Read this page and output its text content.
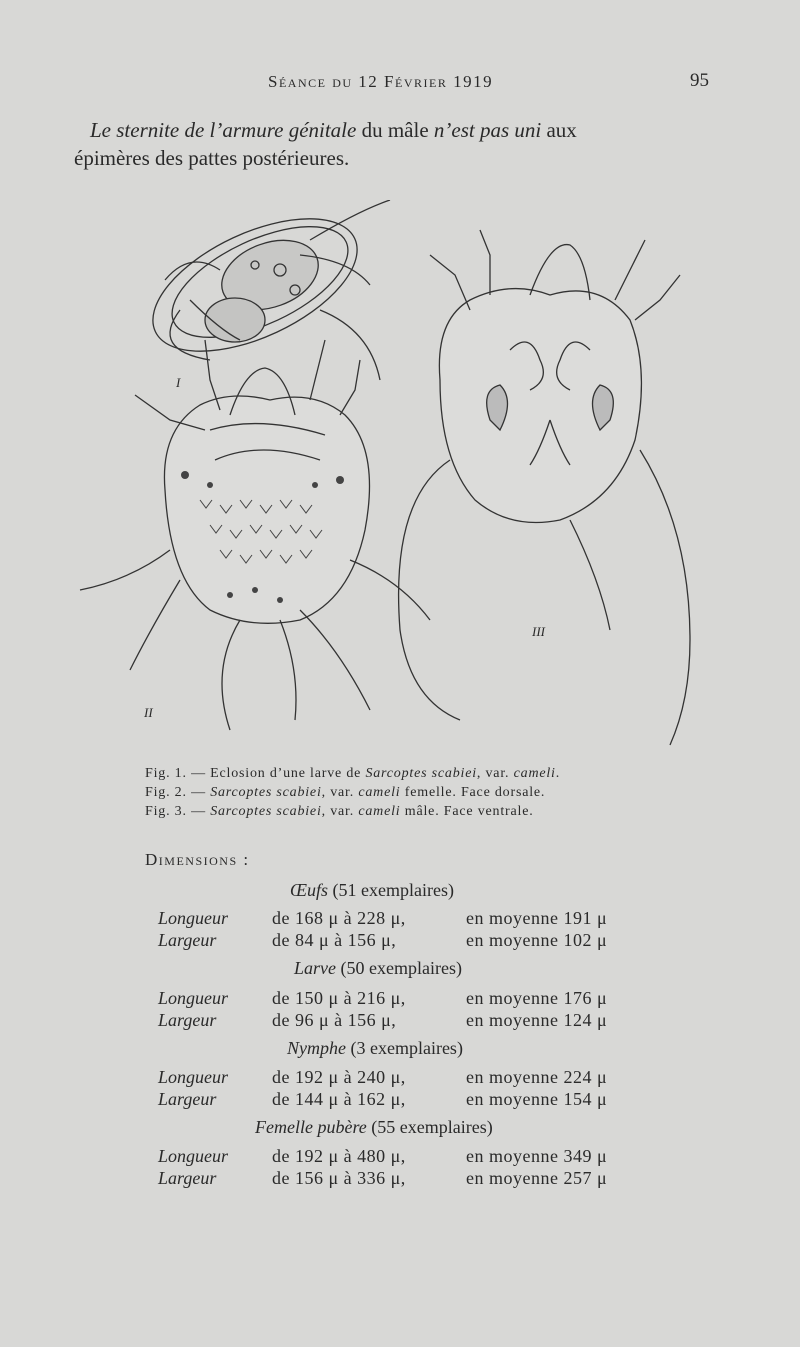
Séance du 12 Février 1919	95
Le sternite de l’armure génitale du mâle n’est pas uni aux
épimères des pattes postérieures.
I
II
III
Fig. 1. — Eclosion d’une larve de Sarcoptes scabiei, var. cameli.
Fig. 2. — Sarcoptes scabiei, var. cameli femelle. Face dorsale.
Fig. 3. — Sarcoptes scabiei, var. cameli mâle. Face ventrale.
Dimensions :
Œufs (51 exemplaires)
Longueur de 168 μ à 228 μ,	en moyenne 191 μ
Largeur	de 84 μ à 156 μ,	en moyenne 102 μ
Larve (50 exemplaires)
Longueur de 150 μ à 216 μ,	en moyenne 176 μ
Largeur	de 96 μ à 156 μ,	en moyenne 124 μ
Nymphe (3 exemplaires)
Longueur de 192 μ à 240 μ,	en moyenne 224 μ
Largeur	de 144 μ à 162 μ,	en moyenne 154 μ
Femelle pubère (55 exemplaires)
Longueur de 192 μ à 480 μ,	en moyenne 349 μ
Largeur	de 156 μ à 336 μ,	en moyenne 257 μ
